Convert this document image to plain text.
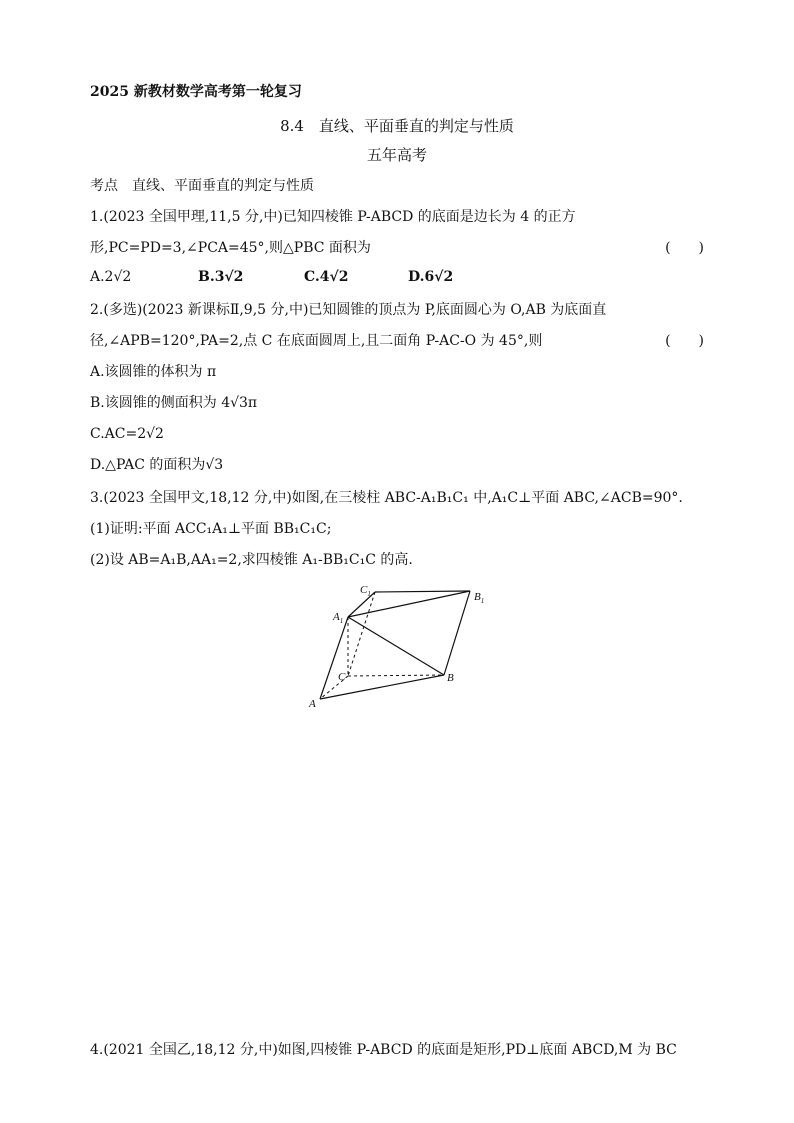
2025 新教材数学高考第一轮复习
8.4　直线、平面垂直的判定与性质
五年高考
考点　直线、平面垂直的判定与性质
1.(2023 全国甲理,11,5 分,中)已知四棱锥 P-ABCD 的底面是边长为 4 的正方
形,PC=PD=3,∠PCA=45°,则△PBC 面积为	(　　)
A.2√2	B.3√2	C.4√2	D.6√2
2.(多选)(2023 新课标Ⅱ,9,5 分,中)已知圆锥的顶点为 P,底面圆心为 O,AB 为底面直
径,∠APB=120°,PA=2,点 C 在底面圆周上,且二面角 P-AC-O 为 45°,则	(　　)
A.该圆锥的体积为 π
B.该圆锥的侧面积为 4√3π
C.AC=2√2
D.△PAC 的面积为√3
3.(2023 全国甲文,18,12 分,中)如图,在三棱柱 ABC-A₁B₁C₁ 中,A₁C⊥平面 ABC,∠ACB=90°.
(1)证明:平面 ACC₁A₁⊥平面 BB₁C₁C;
(2)设 AB=A₁B,AA₁=2,求四棱锥 A₁-BB₁C₁C 的高.
$C_1$	$B_1$
$A_1$
C	B
A
4.(2021 全国乙,18,12 分,中)如图,四棱锥 P-ABCD 的底面是矩形,PD⊥底面 ABCD,M 为 BC
